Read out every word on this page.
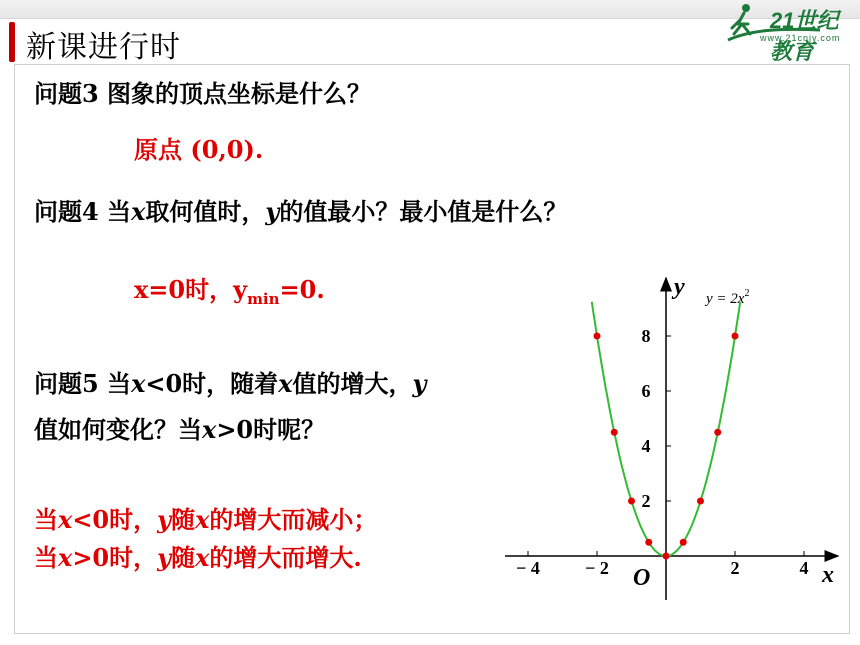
新课进行时
21世纪教育
www.21cnjy.com
问题3 图象的顶点坐标是什么？
原点 (0,0).
问题4 当x取何值时，y的值最小？最小值是什么？
x=0时，$y_{min}=0$.
问题5 当x<0时，随着x值的增大，y
值如何变化？当x>0时呢？
当x<0时，y随x的增大而减小；
当x>0时，y随x的增大而增大.
x
y
O
$y = 2x^2$
− 4	− 2	2	4
2
4
6
8
